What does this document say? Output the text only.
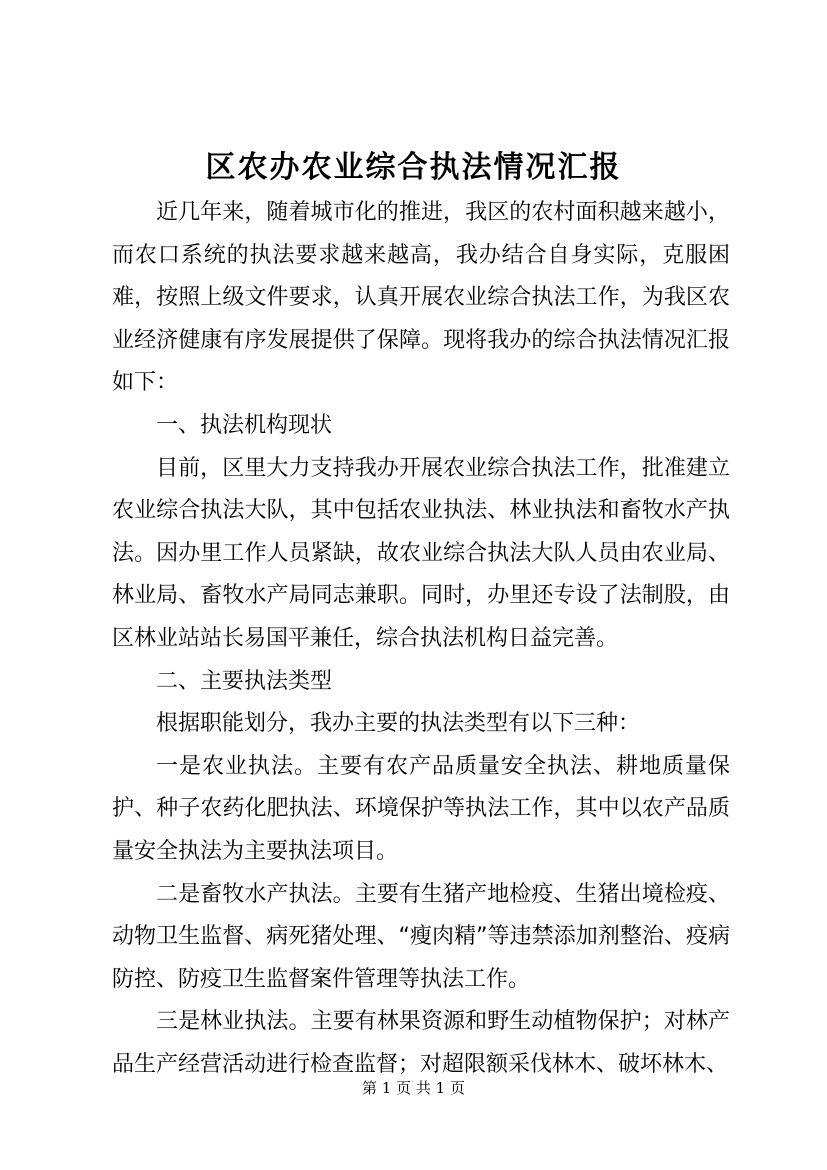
区农办农业综合执法情况汇报

近几年来，随着城市化的推进，我区的农村面积越来越小，而农口系统的执法要求越来越高，我办结合自身实际，克服困难，按照上级文件要求，认真开展农业综合执法工作，为我区农业经济健康有序发展提供了保障。现将我办的综合执法情况汇报如下：

一、执法机构现状

目前，区里大力支持我办开展农业综合执法工作，批准建立农业综合执法大队，其中包括农业执法、林业执法和畜牧水产执法。因办里工作人员紧缺，故农业综合执法大队人员由农业局、林业局、畜牧水产局同志兼职。同时，办里还专设了法制股，由区林业站站长易国平兼任，综合执法机构日益完善。

二、主要执法类型

根据职能划分，我办主要的执法类型有以下三种：

一是农业执法。主要有农产品质量安全执法、耕地质量保护、种子农药化肥执法、环境保护等执法工作，其中以农产品质量安全执法为主要执法项目。

二是畜牧水产执法。主要有生猪产地检疫、生猪出境检疫、动物卫生监督、病死猪处理、“瘦肉精”等违禁添加剂整治、疫病防控、防疫卫生监督案件管理等执法工作。

三是林业执法。主要有林果资源和野生动植物保护；对林产品生产经营活动进行检查监督；对超限额采伐林木、破坏林木、

第 1 页 共 1 页
